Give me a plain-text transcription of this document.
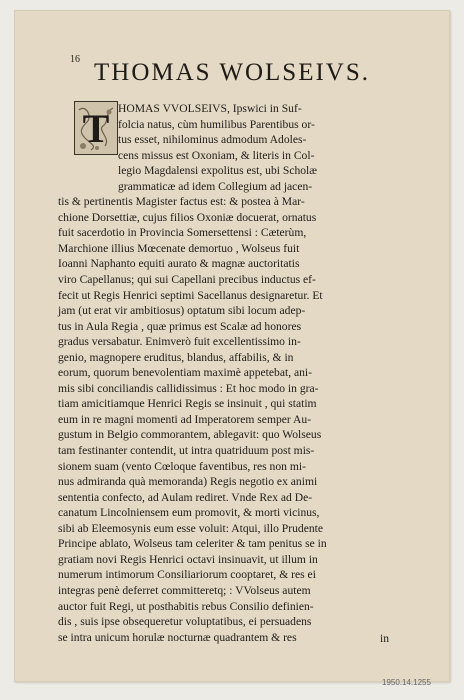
16 THOMAS WOLSEIVS.
T HOMAS VVOLSEIVS, Ipswici in Suf-
folcia natus, cùm humilibus Parentibus or-
tus esset, nihilominus admodum Adoles-
cens missus est Oxoniam, & literis in Col-
legio Magdalensi expolitus est, ubi Scholæ
grammaticæ ad idem Collegium ad jacen-
tis & pertinentis Magister factus est: & postea à Mar-
chione Dorsettiæ, cujus filios Oxoniæ docuerat, ornatus
fuit sacerdotio in Provincia Somersettensi : Cæterùm,
Marchione illius Mœcenate demortuo , Wolseus fuit
Ioanni Naphanto equiti aurato & magnæ auctoritatis
viro Capellanus; qui sui Capellani precibus inductus ef-
fecit ut Regis Henrici septimi Sacellanus designaretur. Et
jam (ut erat vir ambitiosus) optatum sibi locum adep-
tus in Aula Regia , quæ primus est Scalæ ad honores
gradus versabatur. Enimverò fuit excellentissimo in-
genio, magnopere eruditus, blandus, affabilis, & in
eorum, quorum benevolentiam maximè appetebat, ani-
mis sibi conciliandis callidissimus : Et hoc modo in gra-
tiam amicitiamque Henrici Regis se insinuit , qui statim
eum in re magni momenti ad Imperatorem semper Au-
gustum in Belgio commorantem, ablegavit: quo Wolseus
tam festinanter contendit, ut intra quatriduum post mis-
sionem suam (vento Cœloque faventibus, res non mi-
nus admiranda quà memoranda) Regis negotio ex animi
sententia confecto, ad Aulam rediret. Vnde Rex ad De-
canatum Lincolniensem eum promovit, & morti vicinus,
sibi ab Eleemosynis eum esse voluit: Atqui, illo Prudente
Principe ablato, Wolseus tam celeriter & tam penitus se in
gratiam novi Regis Henrici octavi insinuavit, ut illum in
numerum intimorum Consiliariorum cooptaret, & res ei
integras penè deferret committeretq; : VVolseus autem
auctor fuit Regi, ut posthabitis rebus Consilio definien-
dis , suis ipse obsequeretur voluptatibus, ei persuadens
se intra unicum horulæ nocturnæ quadrantem & res	in
1950.14.1255
